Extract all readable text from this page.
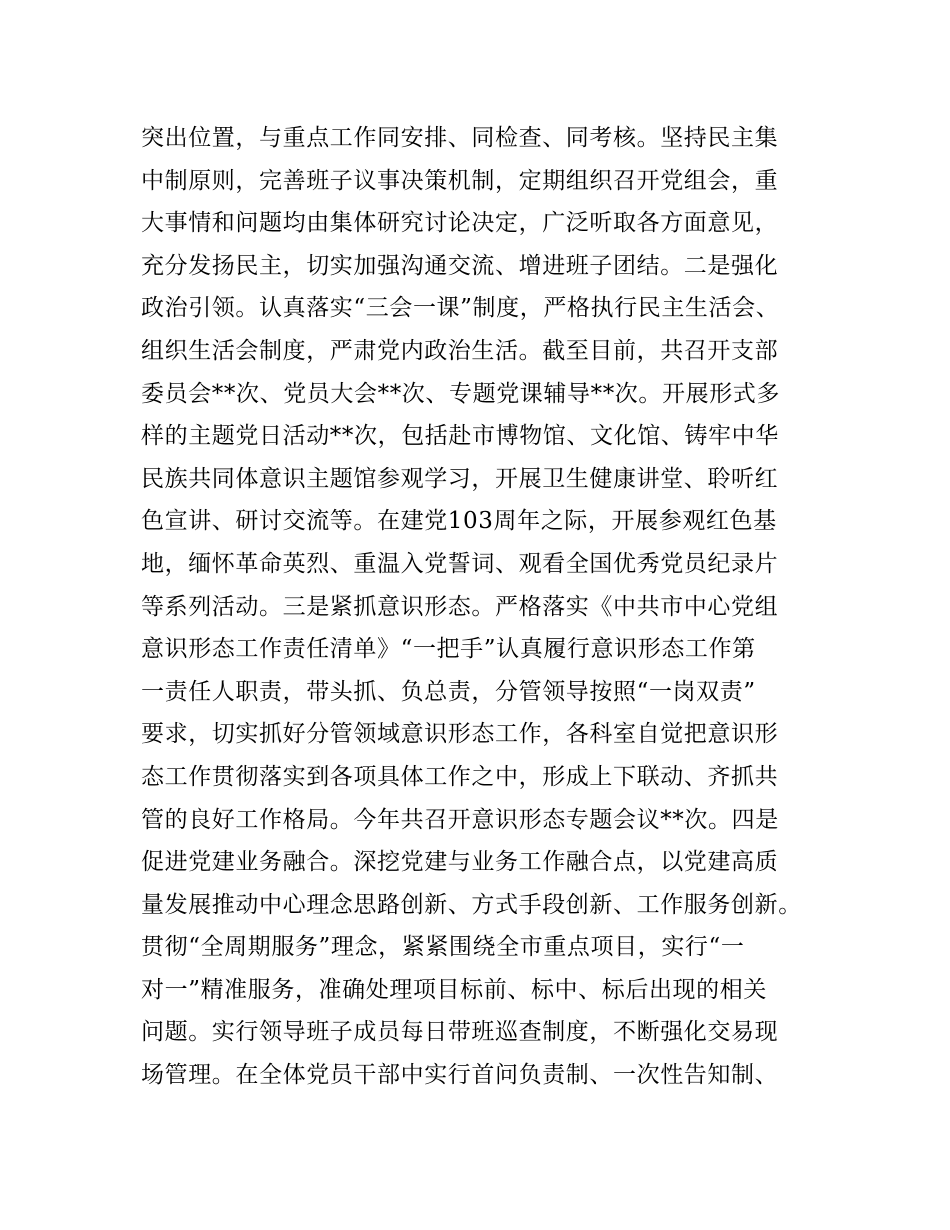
突出位置，与重点工作同安排、同检查、同考核。坚持民主集
中制原则，完善班子议事决策机制，定期组织召开党组会，重
大事情和问题均由集体研究讨论决定，广泛听取各方面意见，
充分发扬民主，切实加强沟通交流、增进班子团结。二是强化
政治引领。认真落实“三会一课”制度，严格执行民主生活会、
组织生活会制度，严肃党内政治生活。截至目前，共召开支部
委员会**次、党员大会**次、专题党课辅导**次。开展形式多
样的主题党日活动**次，包括赴市博物馆、文化馆、铸牢中华
民族共同体意识主题馆参观学习，开展卫生健康讲堂、聆听红
色宣讲、研讨交流等。在建党103周年之际，开展参观红色基
地，缅怀革命英烈、重温入党誓词、观看全国优秀党员纪录片
等系列活动。三是紧抓意识形态。严格落实《中共市中心党组
意识形态工作责任清单》“一把手”认真履行意识形态工作第
一责任人职责，带头抓、负总责，分管领导按照“一岗双责”
要求，切实抓好分管领域意识形态工作，各科室自觉把意识形
态工作贯彻落实到各项具体工作之中，形成上下联动、齐抓共
管的良好工作格局。今年共召开意识形态专题会议**次。四是
促进党建业务融合。深挖党建与业务工作融合点，以党建高质
量发展推动中心理念思路创新、方式手段创新、工作服务创新。
贯彻“全周期服务”理念，紧紧围绕全市重点项目，实行“一
对一”精准服务，准确处理项目标前、标中、标后出现的相关
问题。实行领导班子成员每日带班巡查制度，不断强化交易现
场管理。在全体党员干部中实行首问负责制、一次性告知制、
